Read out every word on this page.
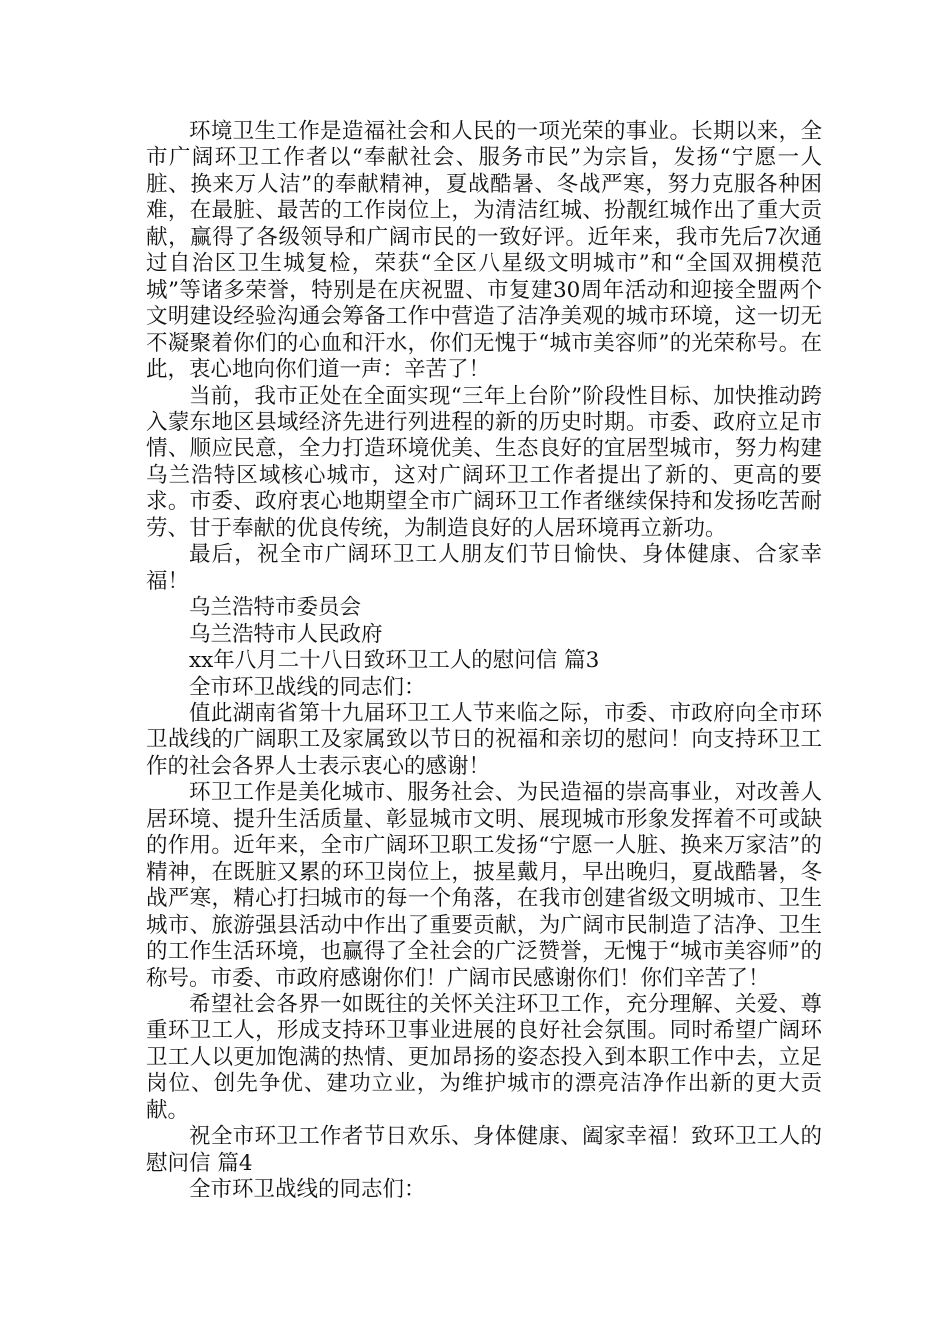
环境卫生工作是造福社会和人民的一项光荣的事业。长期以来，全市广阔环卫工作者以“奉献社会、服务市民”为宗旨，发扬“宁愿一人脏、换来万人洁”的奉献精神，夏战酷暑、冬战严寒，努力克服各种困难，在最脏、最苦的工作岗位上，为清洁红城、扮靓红城作出了重大贡献，赢得了各级领导和广阔市民的一致好评。近年来，我市先后7次通过自治区卫生城复检，荣获“全区八星级文明城市”和“全国双拥模范城”等诸多荣誉，特别是在庆祝盟、市复建30周年活动和迎接全盟两个文明建设经验沟通会筹备工作中营造了洁净美观的城市环境，这一切无不凝聚着你们的心血和汗水，你们无愧于“城市美容师”的光荣称号。在此，衷心地向你们道一声：辛苦了！

当前，我市正处在全面实现“三年上台阶”阶段性目标、加快推动跨入蒙东地区县域经济先进行列进程的新的历史时期。市委、政府立足市情、顺应民意，全力打造环境优美、生态良好的宜居型城市，努力构建乌兰浩特区域核心城市，这对广阔环卫工作者提出了新的、更高的要求。市委、政府衷心地期望全市广阔环卫工作者继续保持和发扬吃苦耐劳、甘于奉献的优良传统，为制造良好的人居环境再立新功。

最后，祝全市广阔环卫工人朋友们节日愉快、身体健康、合家幸福！

乌兰浩特市委员会

乌兰浩特市人民政府

xx年八月二十八日致环卫工人的慰问信 篇3

全市环卫战线的同志们：

值此湖南省第十九届环卫工人节来临之际，市委、市政府向全市环卫战线的广阔职工及家属致以节日的祝福和亲切的慰问！向支持环卫工作的社会各界人士表示衷心的感谢！

环卫工作是美化城市、服务社会、为民造福的崇高事业，对改善人居环境、提升生活质量、彰显城市文明、展现城市形象发挥着不可或缺的作用。近年来，全市广阔环卫职工发扬“宁愿一人脏、换来万家洁”的精神，在既脏又累的环卫岗位上，披星戴月，早出晚归，夏战酷暑，冬战严寒，精心打扫城市的每一个角落，在我市创建省级文明城市、卫生城市、旅游强县活动中作出了重要贡献，为广阔市民制造了洁净、卫生的工作生活环境，也赢得了全社会的广泛赞誉，无愧于“城市美容师”的称号。市委、市政府感谢你们！广阔市民感谢你们！你们辛苦了！

希望社会各界一如既往的关怀关注环卫工作，充分理解、关爱、尊重环卫工人，形成支持环卫事业进展的良好社会氛围。同时希望广阔环卫工人以更加饱满的热情、更加昂扬的姿态投入到本职工作中去，立足岗位、创先争优、建功立业，为维护城市的漂亮洁净作出新的更大贡献。

祝全市环卫工作者节日欢乐、身体健康、阖家幸福！致环卫工人的慰问信 篇4

全市环卫战线的同志们：
